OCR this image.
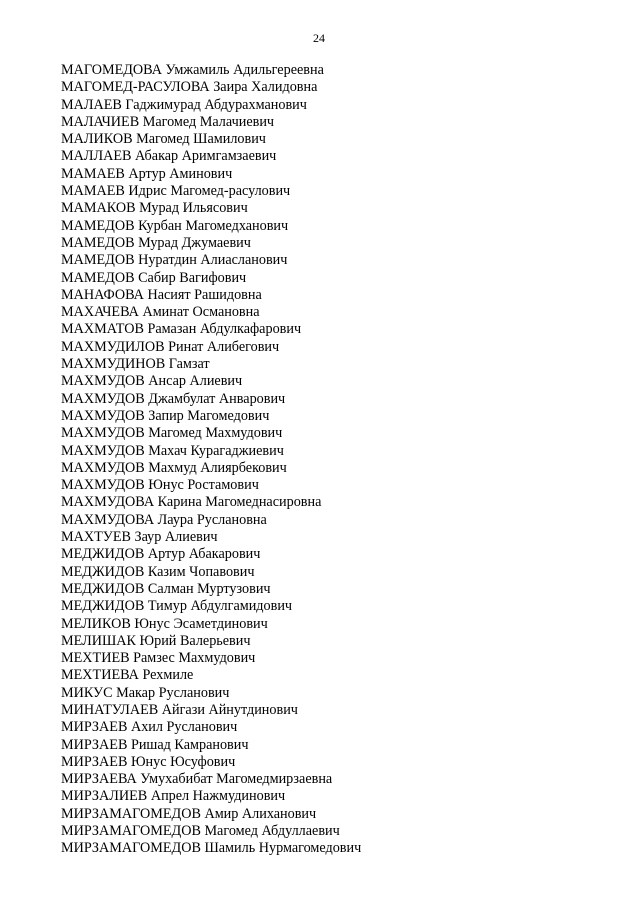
24
МАГОМЕДОВА Умжамиль Адильгереевна
МАГОМЕД-РАСУЛОВА Заира Халидовна
МАЛАЕВ Гаджимурад Абдурахманович
МАЛАЧИЕВ Магомед Малачиевич
МАЛИКОВ Магомед Шамилович
МАЛЛАЕВ Абакар Аримгамзаевич
МАМАЕВ Артур Аминович
МАМАЕВ Идрис Магомед-расулович
МАМАКОВ Мурад Ильясович
МАМЕДОВ Курбан Магомедханович
МАМЕДОВ Мурад Джумаевич
МАМЕДОВ Нуратдин Алиасланович
МАМЕДОВ Сабир Вагифович
МАНАФОВА Насият Рашидовна
МАХАЧЕВА Аминат Османовна
МАХМАТОВ Рамазан Абдулкафарович
МАХМУДИЛОВ Ринат Алибегович
МАХМУДИНОВ Гамзат
МАХМУДОВ Ансар Алиевич
МАХМУДОВ Джамбулат Анварович
МАХМУДОВ Запир Магомедович
МАХМУДОВ Магомед Махмудович
МАХМУДОВ Махач Курагаджиевич
МАХМУДОВ Махмуд Алиярбекович
МАХМУДОВ Юнус Ростамович
МАХМУДОВА Карина Магомеднасировна
МАХМУДОВА Лаура Руслановна
МАХТУЕВ Заур Алиевич
МЕДЖИДОВ Артур Абакарович
МЕДЖИДОВ Казим Чопавович
МЕДЖИДОВ Салман Муртузович
МЕДЖИДОВ Тимур Абдулгамидович
МЕЛИКОВ Юнус Эсаметдинович
МЕЛИШАК Юрий Валерьевич
МЕХТИЕВ Рамзес Махмудович
МЕХТИЕВА Рехмиле
МИКУС Макар Русланович
МИНАТУЛАЕВ Айгази Айнутдинович
МИРЗАЕВ Ахил Русланович
МИРЗАЕВ Ришад Камранович
МИРЗАЕВ Юнус Юсуфович
МИРЗАЕВА Умухабибат Магомедмирзаевна
МИРЗАЛИЕВ Апрел Нажмудинович
МИРЗАМАГОМЕДОВ Амир Алиханович
МИРЗАМАГОМЕДОВ Магомед Абдуллаевич
МИРЗАМАГОМЕДОВ Шамиль Нурмагомедович
